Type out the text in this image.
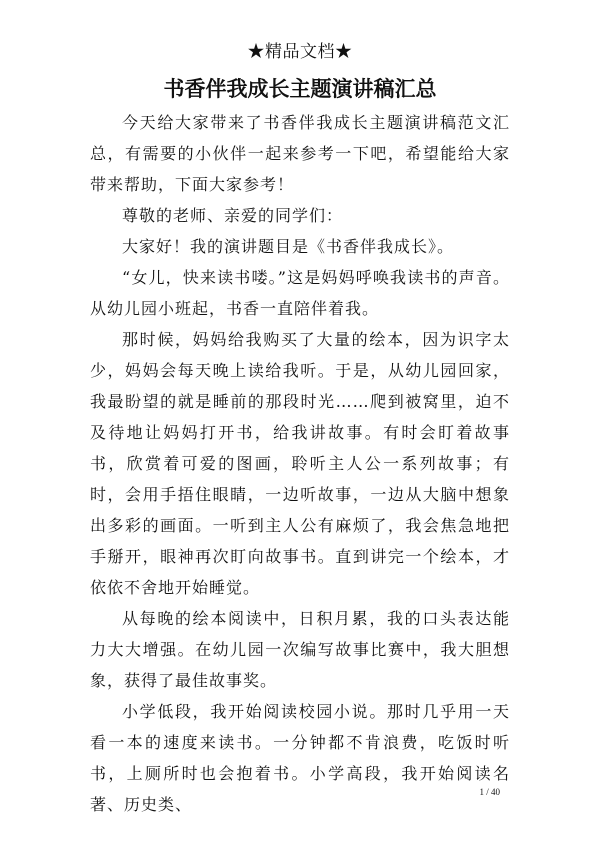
★精品文档★
书香伴我成长主题演讲稿汇总

今天给大家带来了书香伴我成长主题演讲稿范文汇总，有需要的小伙伴一起来参考一下吧，希望能给大家带来帮助，下面大家参考！

尊敬的老师、亲爱的同学们：

大家好！我的演讲题目是《书香伴我成长》。

“女儿，快来读书喽。”这是妈妈呼唤我读书的声音。从幼儿园小班起，书香一直陪伴着我。

那时候，妈妈给我购买了大量的绘本，因为识字太少，妈妈会每天晚上读给我听。于是，从幼儿园回家，我最盼望的就是睡前的那段时光……爬到被窝里，迫不及待地让妈妈打开书，给我讲故事。有时会盯着故事书，欣赏着可爱的图画，聆听主人公一系列故事；有时，会用手捂住眼睛，一边听故事，一边从大脑中想象出多彩的画面。一听到主人公有麻烦了，我会焦急地把手掰开，眼神再次盯向故事书。直到讲完一个绘本，才依依不舍地开始睡觉。

从每晚的绘本阅读中，日积月累，我的口头表达能力大大增强。在幼儿园一次编写故事比赛中，我大胆想象，获得了最佳故事奖。

小学低段，我开始阅读校园小说。那时几乎用一天看一本的速度来读书。一分钟都不肯浪费，吃饭时听书，上厕所时也会抱着书。小学高段，我开始阅读名著、历史类、

1 / 40
